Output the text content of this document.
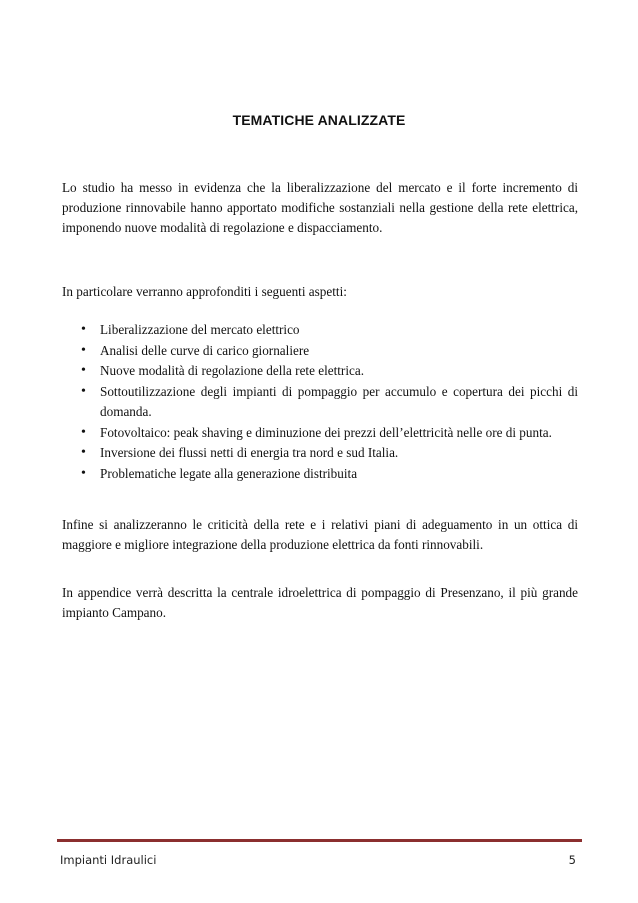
TEMATICHE ANALIZZATE
Lo studio ha messo in evidenza che la liberalizzazione del mercato e il forte incremento di produzione rinnovabile hanno apportato modifiche sostanziali nella gestione della rete elettrica, imponendo nuove modalità di regolazione e dispacciamento.
In particolare verranno approfonditi i seguenti aspetti:
• Liberalizzazione del mercato elettrico
• Analisi delle curve di carico giornaliere
• Nuove modalità di regolazione della rete elettrica.
• Sottoutilizzazione degli impianti di pompaggio per accumulo e copertura dei picchi di domanda.
• Fotovoltaico: peak shaving e diminuzione dei prezzi dell’elettricità nelle ore di punta.
• Inversione dei flussi netti di energia tra nord e sud Italia.
• Problematiche legate alla generazione distribuita
Infine si analizzeranno le criticità della rete e i relativi piani di adeguamento in un ottica di maggiore e migliore integrazione della produzione elettrica da fonti rinnovabili.
In appendice verrà descritta la centrale idroelettrica di pompaggio di Presenzano, il più grande impianto Campano.
Impianti Idraulici	5
